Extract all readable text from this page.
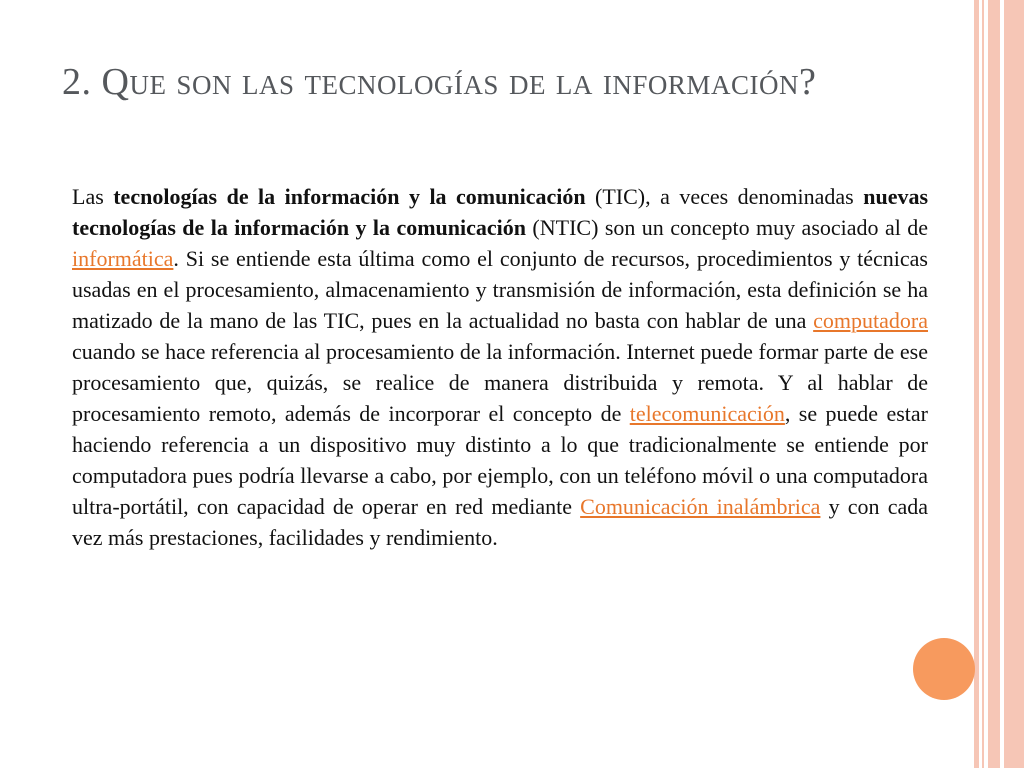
2. Que son las tecnologías de la información?

Las tecnologías de la información y la comunicación (TIC), a veces denominadas nuevas tecnologías de la información y la comunicación (NTIC) son un concepto muy asociado al de informática. Si se entiende esta última como el conjunto de recursos, procedimientos y técnicas usadas en el procesamiento, almacenamiento y transmisión de información, esta definición se ha matizado de la mano de las TIC, pues en la actualidad no basta con hablar de una computadora cuando se hace referencia al procesamiento de la información. Internet puede formar parte de ese procesamiento que, quizás, se realice de manera distribuida y remota. Y al hablar de procesamiento remoto, además de incorporar el concepto de telecomunicación, se puede estar haciendo referencia a un dispositivo muy distinto a lo que tradicionalmente se entiende por computadora pues podría llevarse a cabo, por ejemplo, con un teléfono móvil o una computadora ultra-portátil, con capacidad de operar en red mediante Comunicación inalámbrica y con cada vez más prestaciones, facilidades y rendimiento.
